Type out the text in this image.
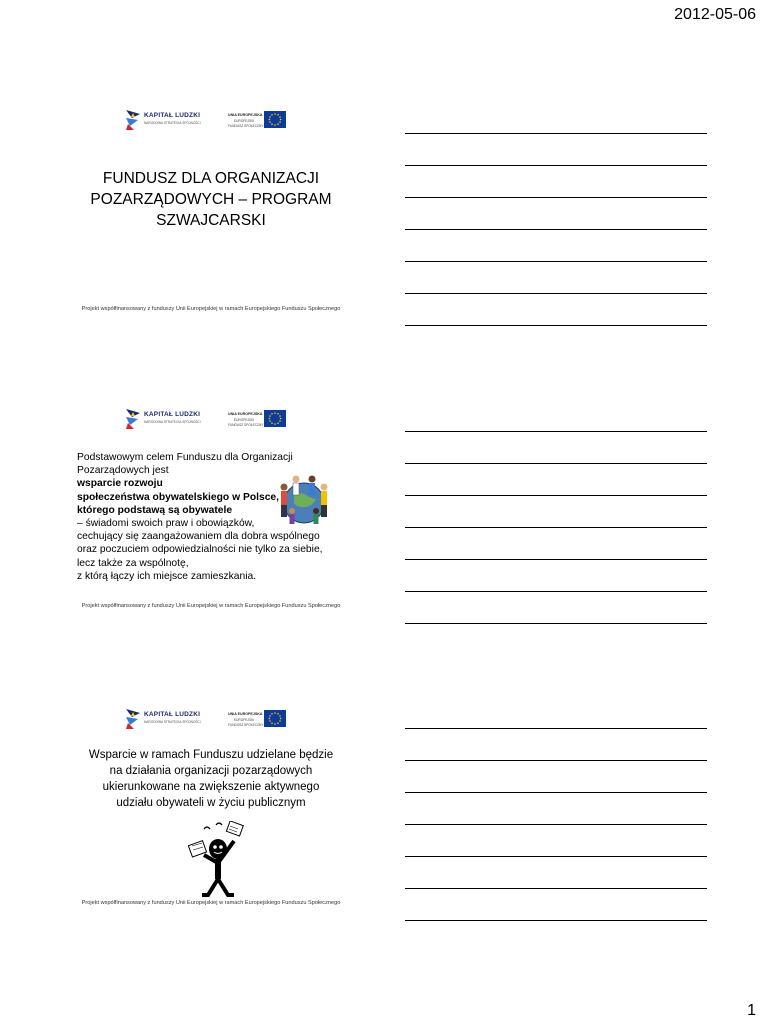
2012-05-06
KAPITAŁ LUDZKI
NARODOWA STRATEGIA SPÓJNOŚCI
UNIA EUROPEJSKA
EUROPEJSKI
FUNDUSZ SPOŁECZNY
FUNDUSZ DLA ORGANIZACJI
POZARZĄDOWYCH – PROGRAM
SZWAJCARSKI
Projekt współfinansowany z funduszy Unii Europejskiej w ramach Europejskiego Funduszu Społecznego
KAPITAŁ LUDZKI
NARODOWA STRATEGIA SPÓJNOŚCI
UNIA EUROPEJSKA
EUROPEJSKI
FUNDUSZ SPOŁECZNY
Podstawowym celem Funduszu dla Organizacji
Pozarządowych jest
wsparcie rozwoju
społeczeństwa obywatelskiego w Polsce,
którego podstawą są obywatele
– świadomi swoich praw i obowiązków,
cechujący się zaangażowaniem dla dobra wspólnego
oraz poczuciem odpowiedzialności nie tylko za siebie,
lecz także za wspólnotę,
z którą łączy ich miejsce zamieszkania.
Projekt współfinansowany z funduszy Unii Europejskiej w ramach Europejskiego Funduszu Społecznego
KAPITAŁ LUDZKI
NARODOWA STRATEGIA SPÓJNOŚCI
UNIA EUROPEJSKA
EUROPEJSKI
FUNDUSZ SPOŁECZNY
Wsparcie w ramach Funduszu udzielane będzie
na działania organizacji pozarządowych
ukierunkowane na zwiększenie aktywnego
udziału obywateli w życiu publicznym
Projekt współfinansowany z funduszy Unii Europejskiej w ramach Europejskiego Funduszu Społecznego
1
